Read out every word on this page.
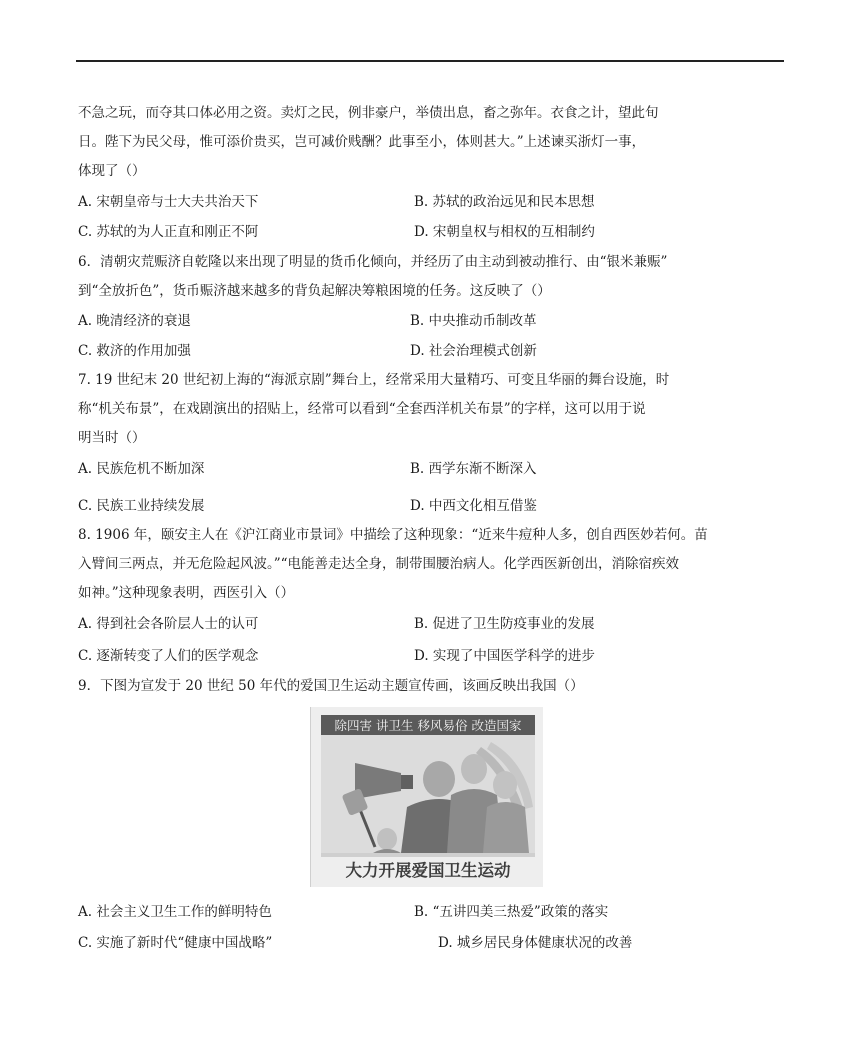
不急之玩，而夺其口体必用之资。卖灯之民，例非豪户，举债出息，畜之弥年。衣食之计，望此旬
日。陛下为民父母，惟可添价贵买，岂可减价贱酬？此事至小，体则甚大。”上述谏买浙灯一事，
体现了（）
A. 宋朝皇帝与士大夫共治天下	B. 苏轼的政治远见和民本思想
C. 苏轼的为人正直和刚正不阿	D. 宋朝皇权与相权的互相制约
6．清朝灾荒赈济自乾隆以来出现了明显的货币化倾向，并经历了由主动到被动推行、由“银米兼赈”
到“全放折色”，货币赈济越来越多的背负起解决筹粮困境的任务。这反映了（）
A. 晚清经济的衰退	B. 中央推动币制改革
C. 救济的作用加强	D. 社会治理模式创新
7. 19 世纪末 20 世纪初上海的“海派京剧”舞台上，经常采用大量精巧、可变且华丽的舞台设施，时
称“机关布景”，在戏剧演出的招贴上，经常可以看到“全套西洋机关布景”的字样，这可以用于说
明当时（）
A. 民族危机不断加深	B. 西学东渐不断深入
C. 民族工业持续发展	D. 中西文化相互借鉴
8. 1906 年，颐安主人在《沪江商业市景词》中描绘了这种现象：“近来牛痘种人多，创自西医妙若何。苗
入臂间三两点，并无危险起风波。”“电能善走达全身，制带围腰治病人。化学西医新创出，消除宿疾效
如神。”这种现象表明，西医引入（）
A. 得到社会各阶层人士的认可	B. 促进了卫生防疫事业的发展
C. 逐渐转变了人们的医学观念	D. 实现了中国医学科学的进步
9．下图为宣发于 20 世纪 50 年代的爱国卫生运动主题宣传画，该画反映出我国（）
除四害 讲卫生 移风易俗 改造国家
大力开展爱国卫生运动
A. 社会主义卫生工作的鲜明特色	B. “五讲四美三热爱”政策的落实
C. 实施了新时代“健康中国战略”	D. 城乡居民身体健康状况的改善
